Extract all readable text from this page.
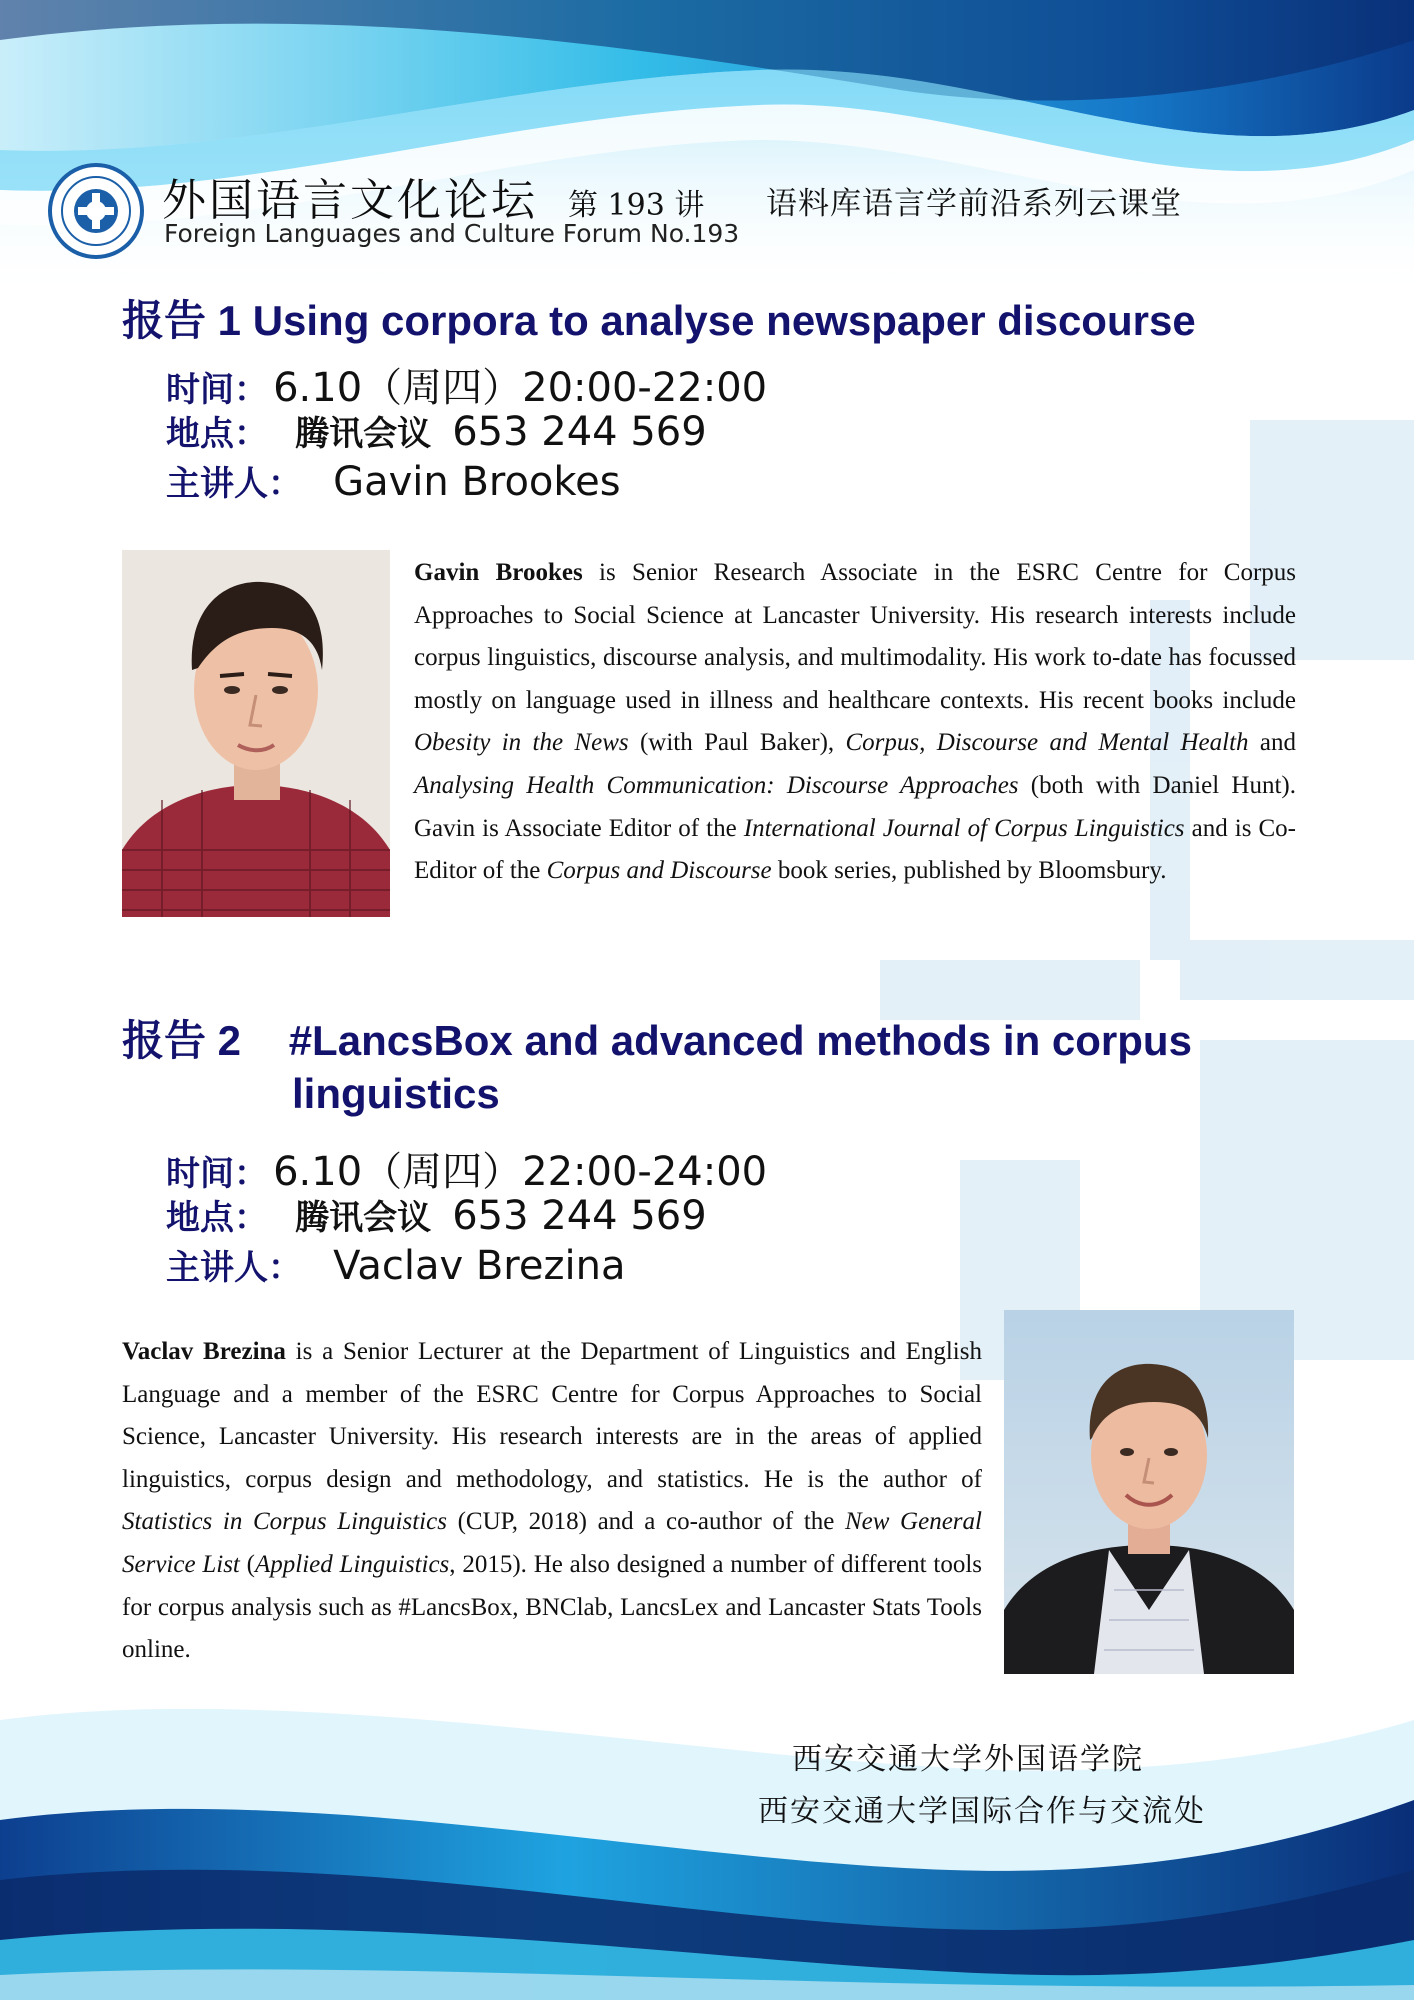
外国语言文化论坛 第 193 讲 语料库语言学前沿系列云课堂
Foreign Languages and Culture Forum No.193
报告 1 Using corpora to analyse newspaper discourse
时间： 6.10（周四）20:00-22:00
地点： 腾讯会议 653 244 569
主讲人： Gavin Brookes
Gavin Brookes is Senior Research Associate in the ESRC Centre for Corpus Approaches to Social Science at Lancaster University. His research interests include corpus linguistics, discourse analysis, and multimodality. His work to-date has focussed mostly on language used in illness and healthcare contexts. His recent books include Obesity in the News (with Paul Baker), Corpus, Discourse and Mental Health and Analysing Health Communication: Discourse Approaches (both with Daniel Hunt). Gavin is Associate Editor of the International Journal of Corpus Linguistics and is Co-Editor of the Corpus and Discourse book series, published by Bloomsbury.
报告 2 #LancsBox and advanced methods in corpus
linguistics
时间： 6.10（周四）22:00-24:00
地点： 腾讯会议 653 244 569
主讲人： Vaclav Brezina
Vaclav Brezina is a Senior Lecturer at the Department of Linguistics and English Language and a member of the ESRC Centre for Corpus Approaches to Social Science, Lancaster University. His research interests are in the areas of applied linguistics, corpus design and methodology, and statistics. He is the author of Statistics in Corpus Linguistics (CUP, 2018) and a co-author of the New General Service List (Applied Linguistics, 2015). He also designed a number of different tools for corpus analysis such as #LancsBox, BNClab, LancsLex and Lancaster Stats Tools online.
西安交通大学外国语学院
西安交通大学国际合作与交流处
